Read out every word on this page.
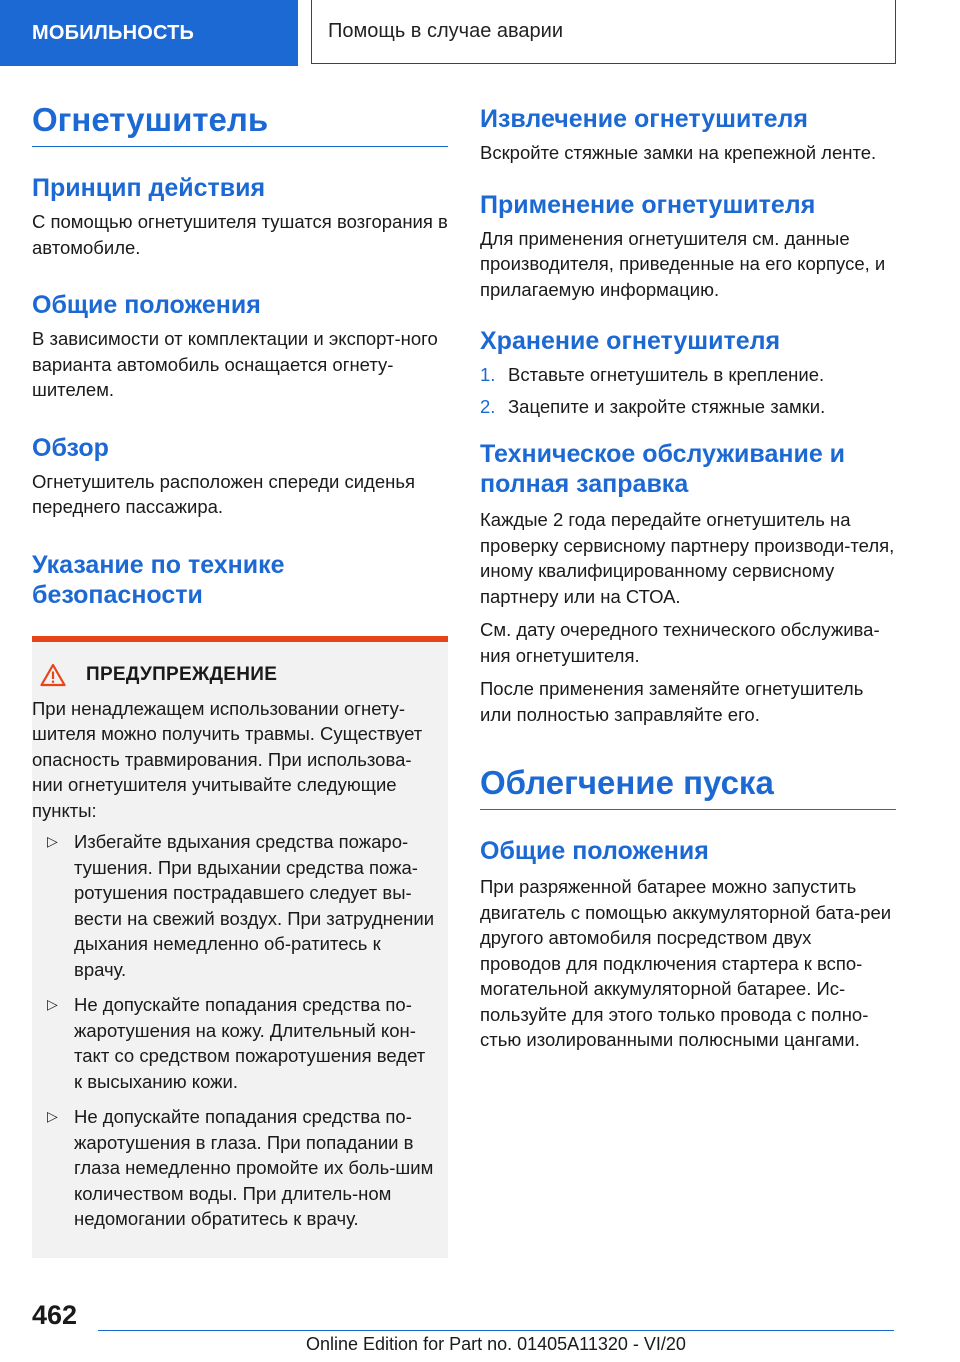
МОБИЛЬНОСТЬ	Помощь в случае аварии
Огнетушитель
Принцип действия

С помощью огнетушителя тушатся возгорания в автомобиле.

Общие положения

В зависимости от комплектации и экспорт-ного варианта автомобиль оснащается огнету-шителем.

Обзор

Огнетушитель расположен спереди сиденья переднего пассажира.

Указание по технике безопасности
ПРЕДУПРЕЖДЕНИЕ

При ненадлежащем использовании огнету-шителя можно получить травмы. Существует опасность травмирования. При использова-нии огнетушителя учитывайте следующие пункты:

▷ Избегайте вдыхания средства пожаро-тушения. При вдыхании средства пожа-ротушения пострадавшего следует вы-вести на свежий воздух. При затруднении дыхания немедленно об-ратитесь к врачу.

▷ Не допускайте попадания средства по-жаротушения на кожу. Длительный кон-такт со средством пожаротушения ведет к высыханию кожи.

▷ Не допускайте попадания средства по-жаротушения в глаза. При попадании в глаза немедленно промойте их боль-шим количеством воды. При длитель-ном недомогании обратитесь к врачу.

Извлечение огнетушителя

Вскройте стяжные замки на крепежной ленте.

Применение огнетушителя

Для применения огнетушителя см. данные производителя, приведенные на его корпусе, и прилагаемую информацию.

Хранение огнетушителя
1. Вставьте огнетушитель в крепление.
2. Зацепите и закройте стяжные замки.
Техническое обслуживание и полная заправка

Каждые 2 года передайте огнетушитель на проверку сервисному партнеру производи-теля, иному квалифицированному сервисному партнеру или на СТОА.

См. дату очередного технического обслужива-ния огнетушителя.

После применения заменяйте огнетушитель или полностью заправляйте его.

Облегчение пуска
Общие положения

При разряженной батарее можно запустить двигатель с помощью аккумуляторной бата-реи другого автомобиля посредством двух проводов для подключения стартера к вспо-могательной аккумуляторной батарее. Ис-пользуйте для этого только провода с полно-стью изолированными полюсными цангами.

462
Online Edition for Part no. 01405A11320 - VI/20
